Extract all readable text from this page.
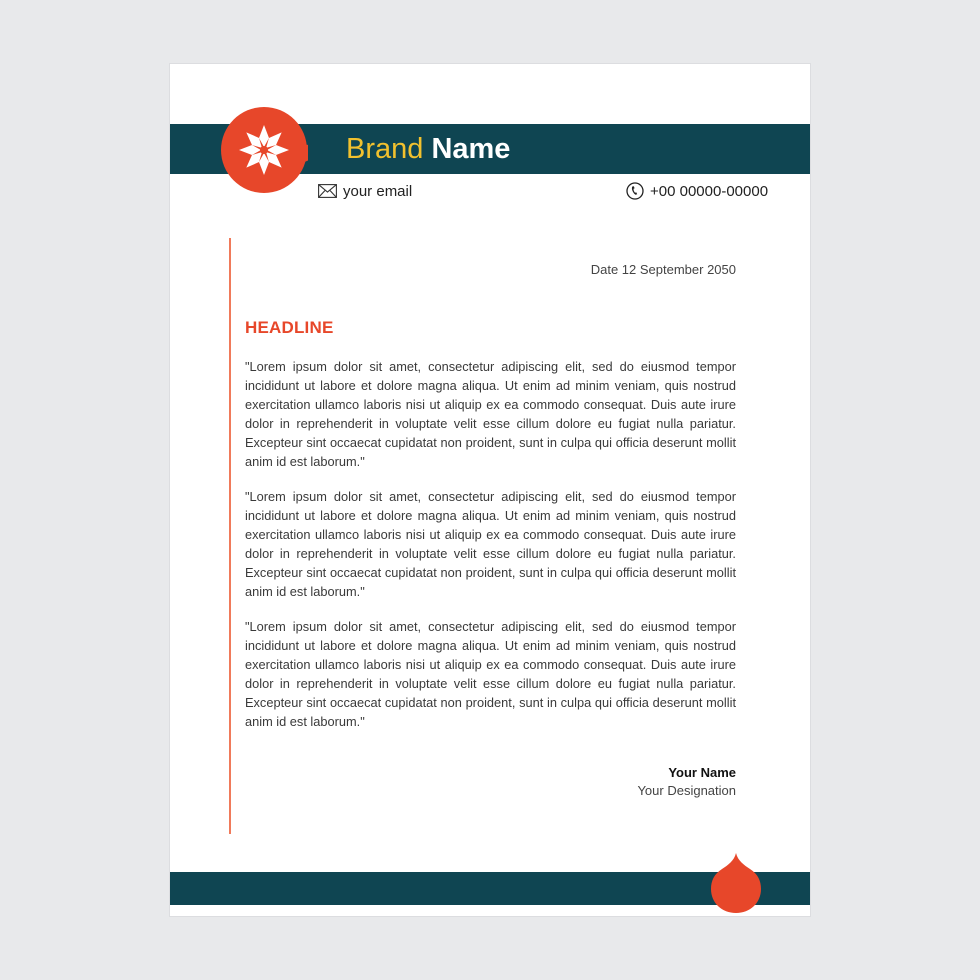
Brand Name
your email	+00 00000-00000
Date 12 September 2050
HEADLINE

"Lorem ipsum dolor sit amet, consectetur adipiscing elit, sed do eiusmod tempor incididunt ut labore et dolore magna aliqua. Ut enim ad minim veniam, quis nostrud exercitation ullamco laboris nisi ut aliquip ex ea commodo consequat. Duis aute irure dolor in reprehenderit in voluptate velit esse cillum dolore eu fugiat nulla pariatur. Excepteur sint occaecat cupidatat non proident, sunt in culpa qui officia deserunt mollit anim id est laborum."

"Lorem ipsum dolor sit amet, consectetur adipiscing elit, sed do eiusmod tempor incididunt ut labore et dolore magna aliqua. Ut enim ad minim veniam, quis nostrud exercitation ullamco laboris nisi ut aliquip ex ea commodo consequat. Duis aute irure dolor in reprehenderit in voluptate velit esse cillum dolore eu fugiat nulla pariatur. Excepteur sint occaecat cupidatat non proident, sunt in culpa qui officia deserunt mollit anim id est laborum."

"Lorem ipsum dolor sit amet, consectetur adipiscing elit, sed do eiusmod tempor incididunt ut labore et dolore magna aliqua. Ut enim ad minim veniam, quis nostrud exercitation ullamco laboris nisi ut aliquip ex ea commodo consequat. Duis aute irure dolor in reprehenderit in voluptate velit esse cillum dolore eu fugiat nulla pariatur. Excepteur sint occaecat cupidatat non proident, sunt in culpa qui officia deserunt mollit anim id est laborum."

Your Name
Your Designation
